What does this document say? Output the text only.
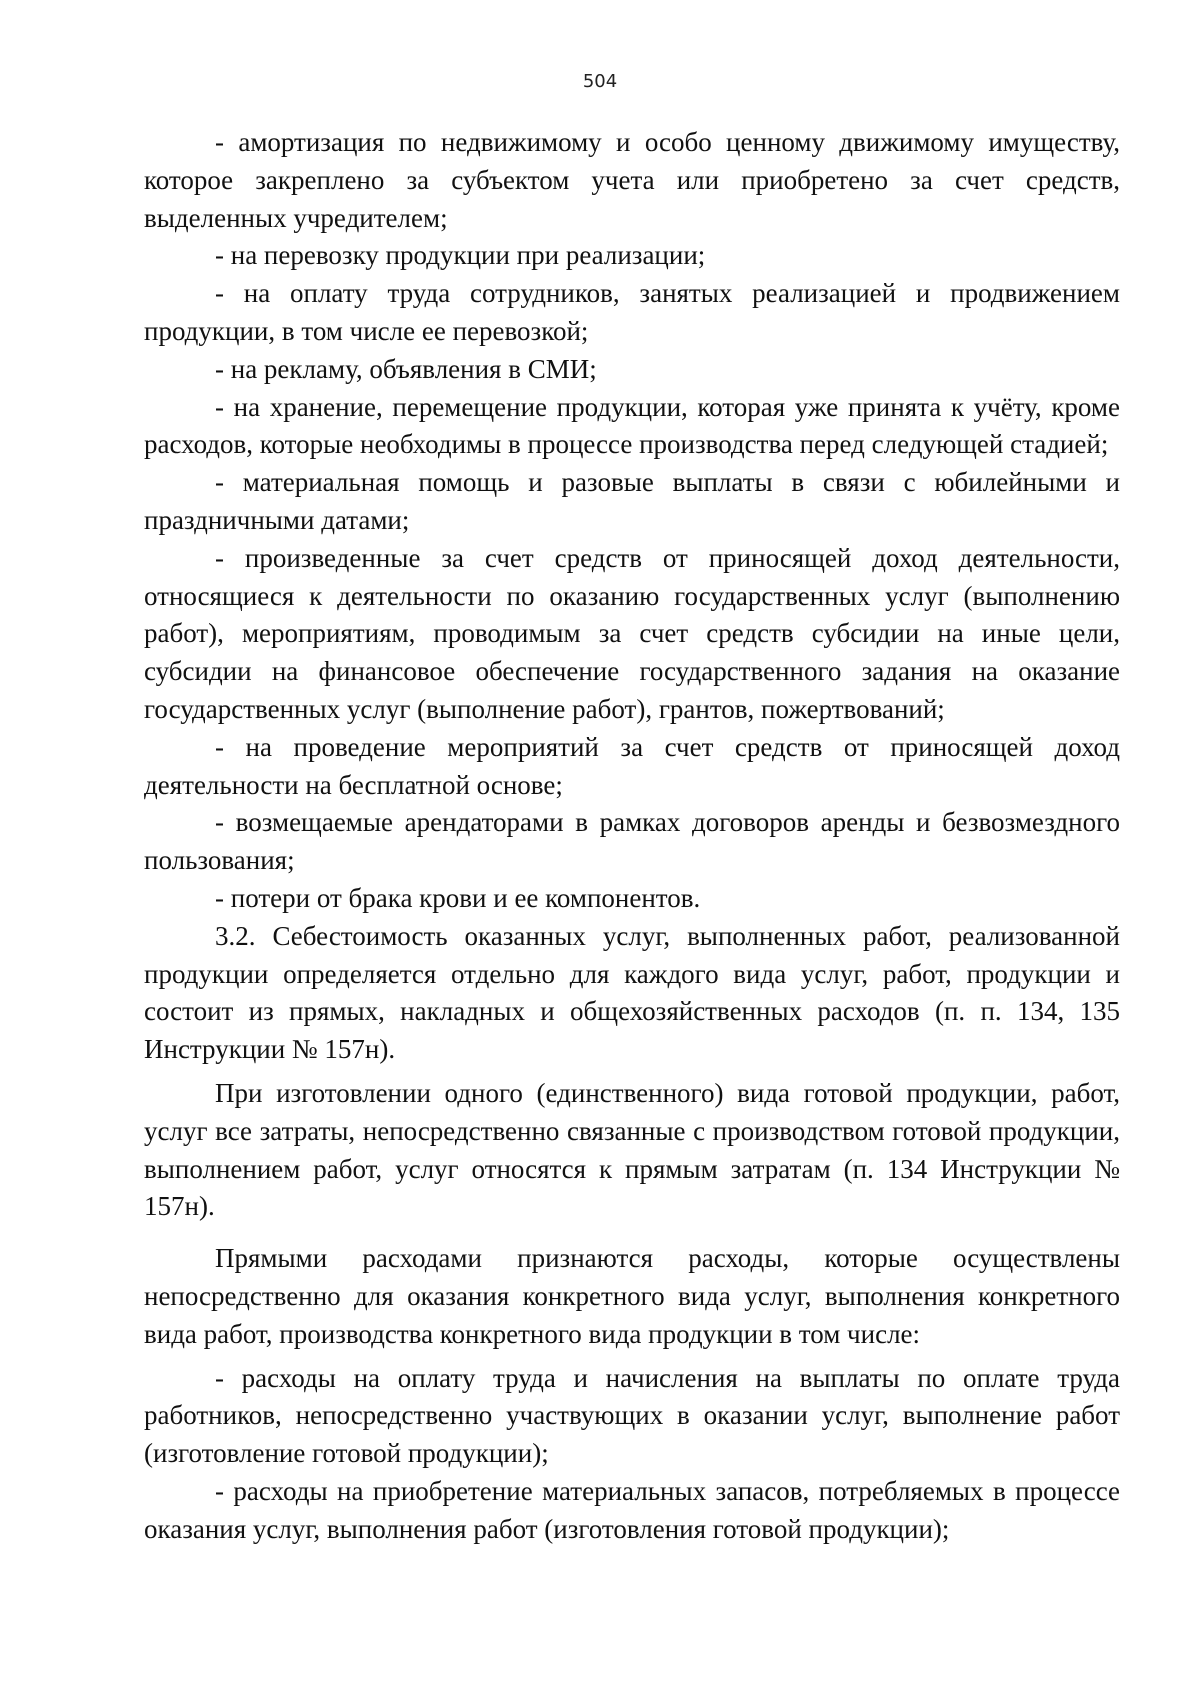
504

- амортизация по недвижимому и особо ценному движимому имуществу, которое закреплено за субъектом учета или приобретено за счет средств, выделенных учредителем;

- на перевозку продукции при реализации;

- на оплату труда сотрудников, занятых реализацией и продвижением продукции, в том числе ее перевозкой;

- на рекламу, объявления в СМИ;

- на хранение, перемещение продукции, которая уже принята к учёту, кроме расходов, которые необходимы в процессе производства перед следующей стадией;

- материальная помощь и разовые выплаты в связи с юбилейными и праздничными датами;

- произведенные за счет средств от приносящей доход деятельности, относящиеся к деятельности по оказанию государственных услуг (выполнению работ), мероприятиям, проводимым за счет средств субсидии на иные цели, субсидии на финансовое обеспечение государственного задания на оказание государственных услуг (выполнение работ), грантов, пожертвований;

- на проведение мероприятий за счет средств от приносящей доход деятельности на бесплатной основе;

- возмещаемые арендаторами в рамках договоров аренды и безвозмездного пользования;

- потери от брака крови и ее компонентов.

3.2. Себестоимость оказанных услуг, выполненных работ, реализованной продукции определяется отдельно для каждого вида услуг, работ, продукции и состоит из прямых, накладных и общехозяйственных расходов (п. п. 134, 135 Инструкции № 157н).

При изготовлении одного (единственного) вида готовой продукции, работ, услуг все затраты, непосредственно связанные с производством готовой продукции, выполнением работ, услуг относятся к прямым затратам (п. 134 Инструкции № 157н).

Прямыми расходами признаются расходы, которые осуществлены непосредственно для оказания конкретного вида услуг, выполнения конкретного вида работ, производства конкретного вида продукции в том числе:

- расходы на оплату труда и начисления на выплаты по оплате труда работников, непосредственно участвующих в оказании услуг, выполнение работ (изготовление готовой продукции);

- расходы на приобретение материальных запасов, потребляемых в процессе оказания услуг, выполнения работ (изготовления готовой продукции);
